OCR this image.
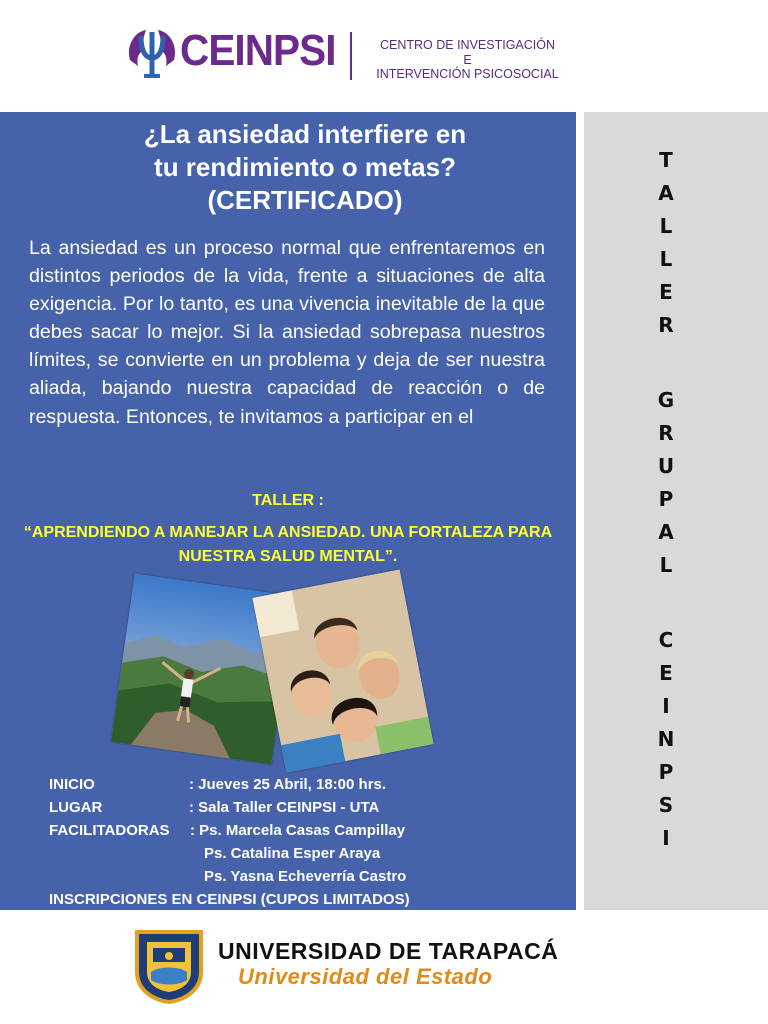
CEINPSI	CENTRO DE INVESTIGACIÓN
E
INTERVENCIÓN PSICOSOCIAL
¿La ansiedad interfiere en
tu rendimiento o metas?
(CERTIFICADO)
La ansiedad es un proceso normal que enfrentaremos en distintos periodos de la vida, frente a situaciones de alta exigencia. Por lo tanto, es una vivencia inevitable de la que debes sacar lo mejor. Si la ansiedad sobrepasa nuestros límites, se convierte en un problema y deja de ser nuestra aliada, bajando nuestra capacidad de reacción o de respuesta. Entonces, te invitamos a participar en el
TALLER :
“APRENDIENDO A MANEJAR LA ANSIEDAD. UNA FORTALEZA PARA NUESTRA SALUD MENTAL”.
INICIO	: Jueves 25 Abril, 18:00 hrs.
LUGAR	: Sala Taller CEINPSI - UTA
FACILITADORAS : Ps. Marcela Casas Campillay
Ps. Catalina Esper Araya
Ps. Yasna Echeverría Castro
INSCRIPCIONES EN CEINPSI (CUPOS LIMITADOS)
T
A
L
L
E
R
G
R
U
P
A
L
C
E
I
N
P
S
I
UNIVERSIDAD DE TARAPACÁ
Universidad del Estado
